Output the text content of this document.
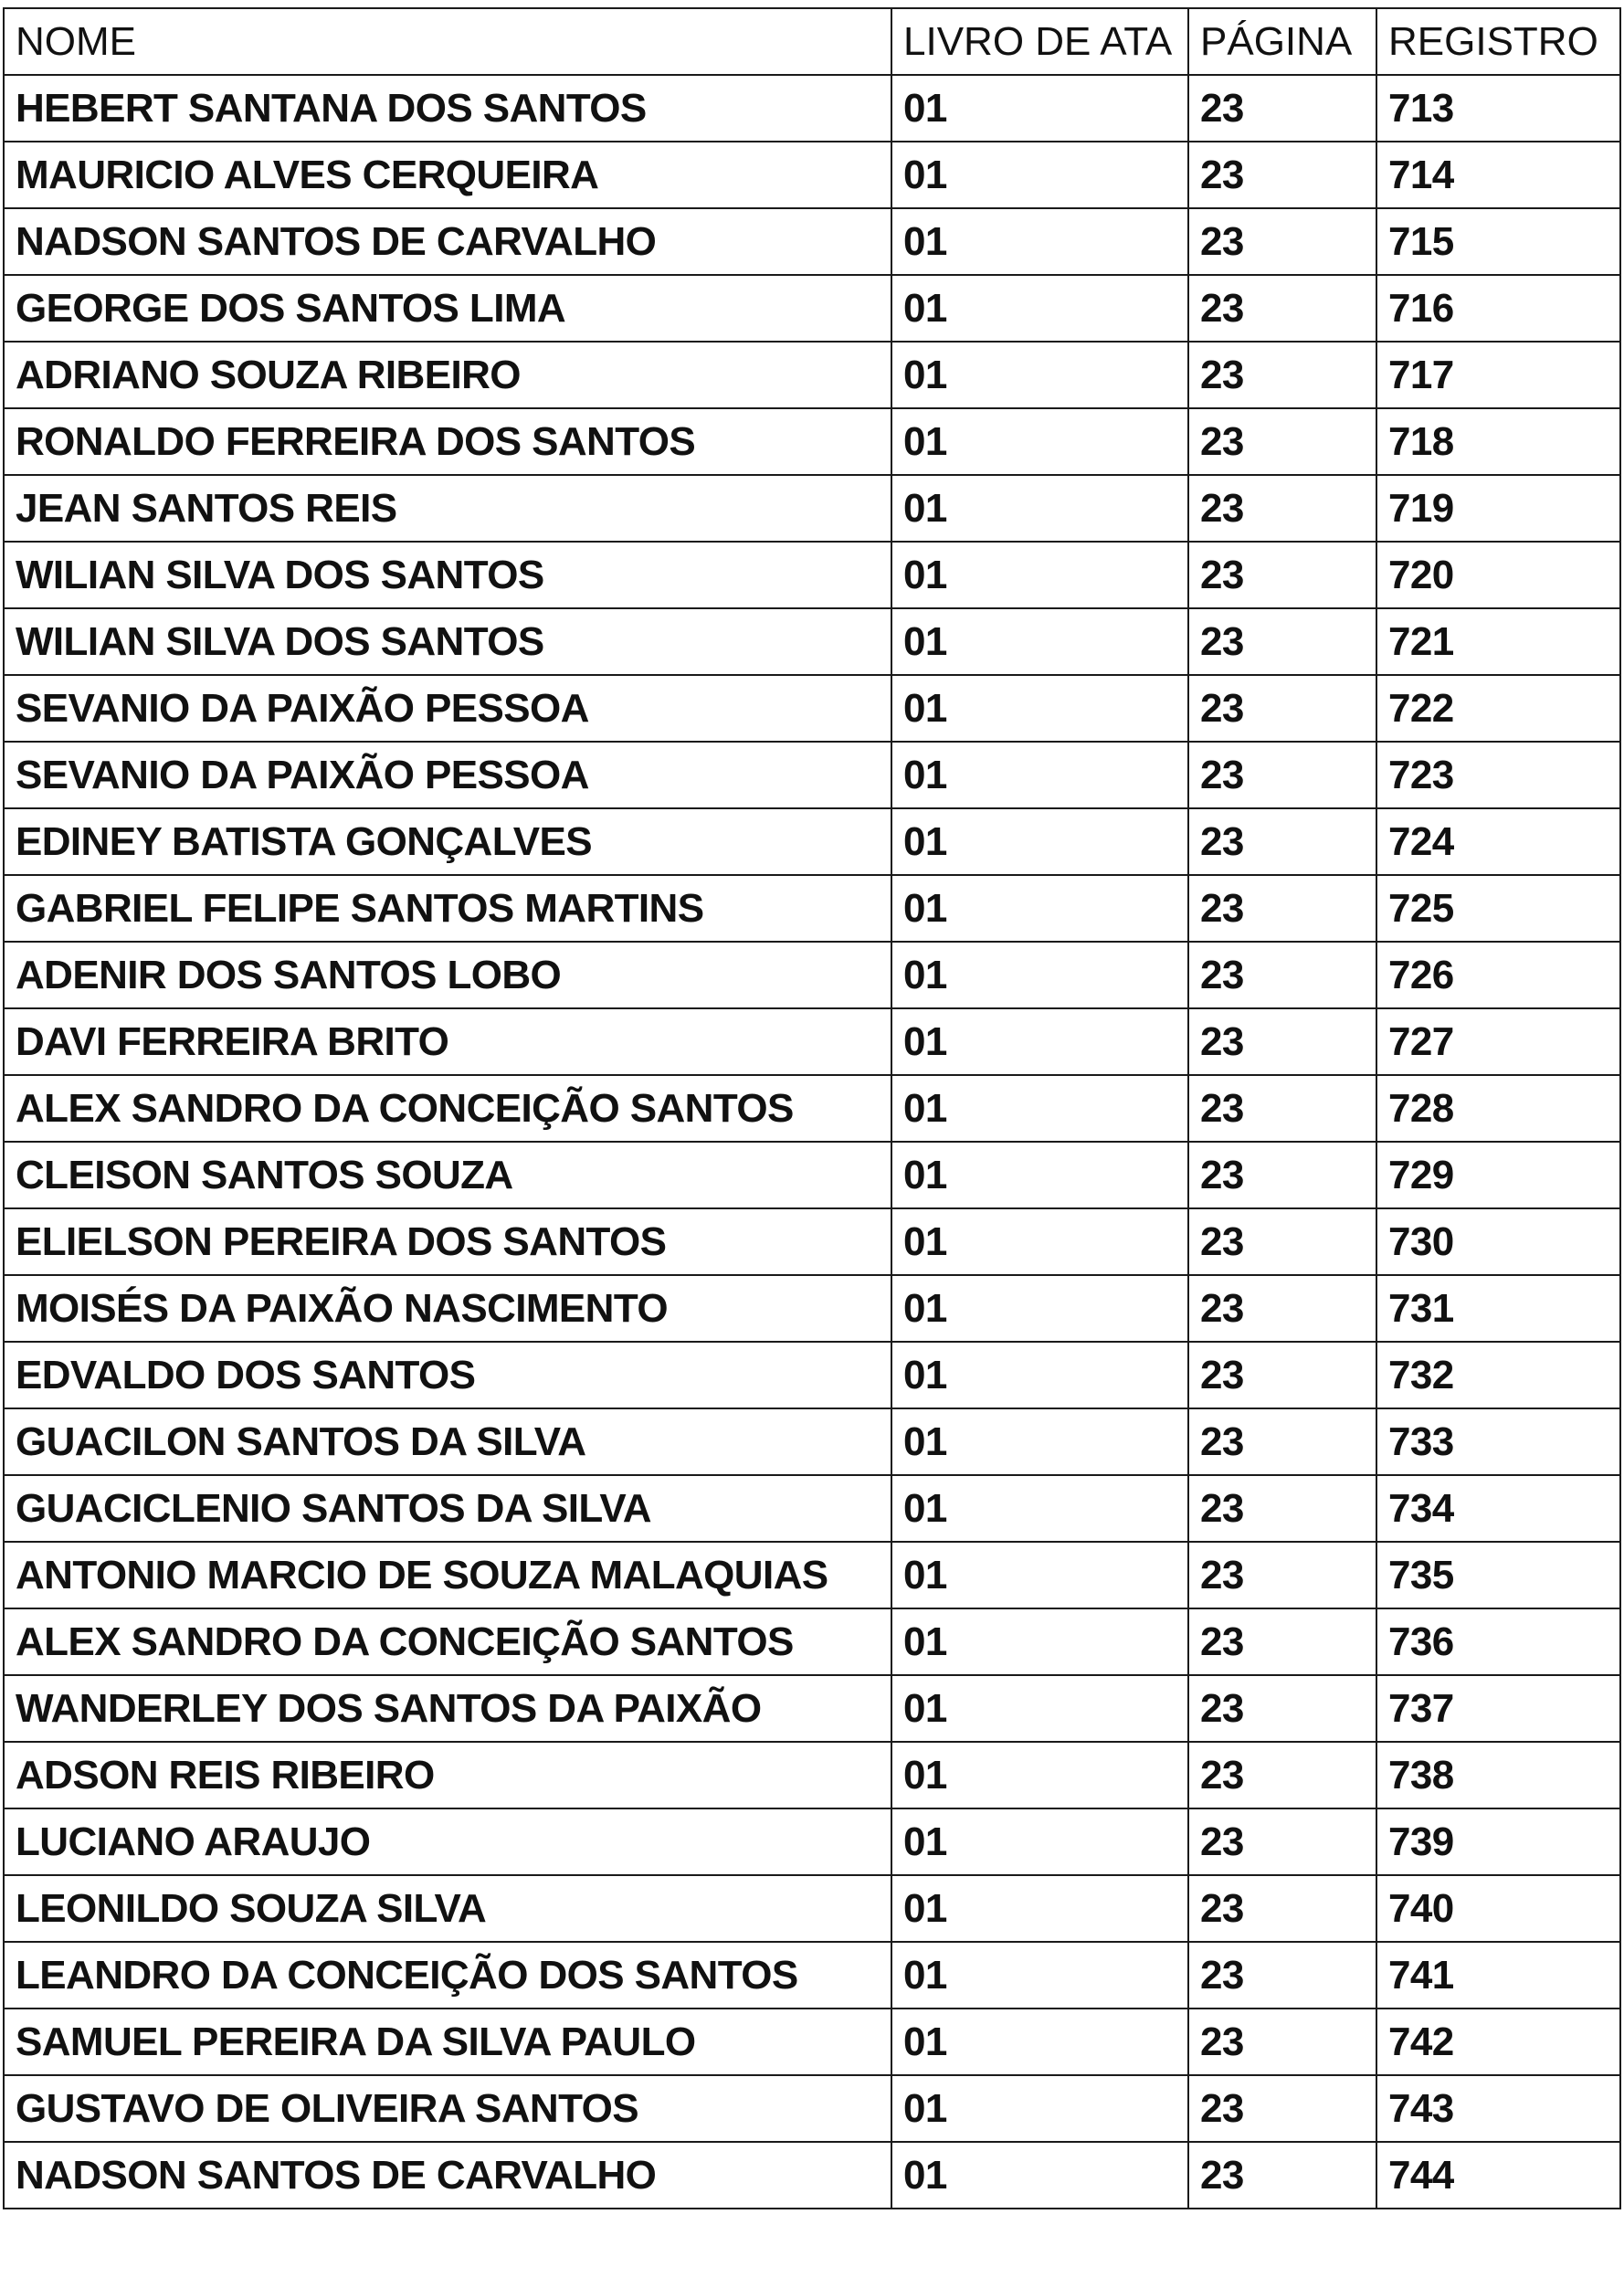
NOME	LIVRO DE ATA	PÁGINA	REGISTRO
HEBERT SANTANA DOS SANTOS	01	23	713
MAURICIO ALVES CERQUEIRA	01	23	714
NADSON SANTOS DE CARVALHO	01	23	715
GEORGE DOS SANTOS LIMA	01	23	716
ADRIANO SOUZA RIBEIRO	01	23	717
RONALDO FERREIRA DOS SANTOS	01	23	718
JEAN SANTOS REIS	01	23	719
WILIAN SILVA DOS SANTOS	01	23	720
WILIAN SILVA DOS SANTOS	01	23	721
SEVANIO DA PAIXÃO PESSOA	01	23	722
SEVANIO DA PAIXÃO PESSOA	01	23	723
EDINEY BATISTA GONÇALVES	01	23	724
GABRIEL FELIPE SANTOS MARTINS	01	23	725
ADENIR DOS SANTOS LOBO	01	23	726
DAVI FERREIRA BRITO	01	23	727
ALEX SANDRO DA CONCEIÇÃO SANTOS	01	23	728
CLEISON SANTOS SOUZA	01	23	729
ELIELSON PEREIRA DOS SANTOS	01	23	730
MOISÉS DA PAIXÃO NASCIMENTO	01	23	731
EDVALDO DOS SANTOS	01	23	732
GUACILON SANTOS DA SILVA	01	23	733
GUACICLENIO SANTOS DA SILVA	01	23	734
ANTONIO MARCIO DE SOUZA MALAQUIAS	01	23	735
ALEX SANDRO DA CONCEIÇÃO SANTOS	01	23	736
WANDERLEY DOS SANTOS DA PAIXÃO	01	23	737
ADSON REIS RIBEIRO	01	23	738
LUCIANO ARAUJO	01	23	739
LEONILDO SOUZA SILVA	01	23	740
LEANDRO DA CONCEIÇÃO DOS SANTOS	01	23	741
SAMUEL PEREIRA DA SILVA PAULO	01	23	742
GUSTAVO DE OLIVEIRA SANTOS	01	23	743
NADSON SANTOS DE CARVALHO	01	23	744
